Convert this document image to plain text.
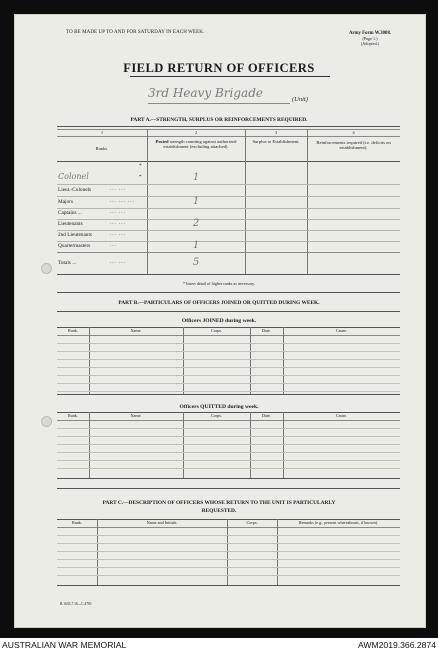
TO BE MADE UP TO AND FOR SATURDAY IN EACH WEEK.	Army Form W.3008.
(Page 1.)
(Adopted.)
FIELD RETURN OF OFFICERS
3rd Heavy Brigade	(Unit)
PART A.—STRENGTH, SURPLUS OR REINFORCEMENTS REQUIRED.
1	2	3	4
Ranks.
Posted strength counting against authorized establishment (excluding attached).
Surplus to Establishment.	Reinforcements required (i.e. deficits on establishment).
* Insert detail of higher ranks as necessary.
PART B.—PARTICULARS OF OFFICERS JOINED OR QUITTED DURING WEEK.
Officers JOINED during week.
Officers QUITTED during week.
PART C.—DESCRIPTION OF OFFICERS WHOSE RETURN TO THE UNIT IS PARTICULARLY
REQUESTED.
B.1633.7.16—C.4781
AUSTRALIAN WAR MEMORIAL	AWM2019.366.2874
*
Colonel	*	1
Lieut.-Colonels	... ...
Majors	... ... ...	1
Captains ...	... ...
Lieutenants	... ...	2
2nd Lieutenants	... ...
Quartermasters	...	1
Totals ...	... ...	5
Rank.	Name.	Corps.	Date.	Cause.
Rank.	Name.	Corps.	Date.	Cause.
Rank.	Name and Initials.	Corps.	Remarks (e.g., present whereabouts, if known).
